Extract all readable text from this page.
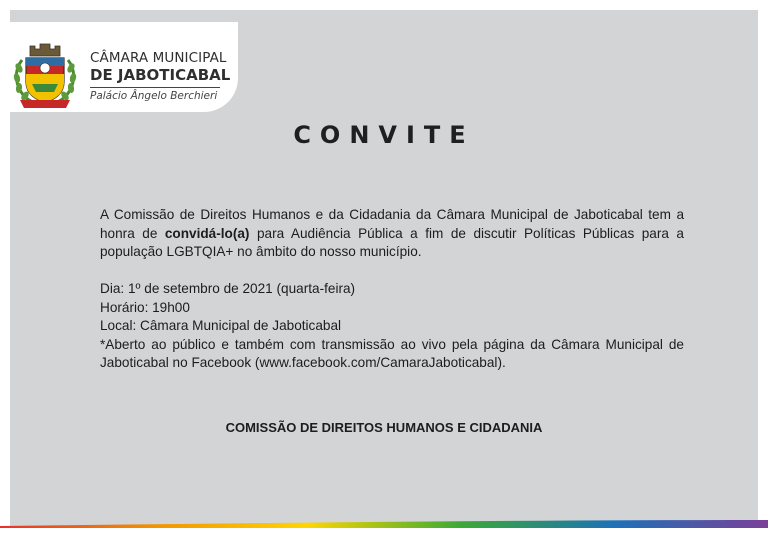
CÂMARA MUNICIPAL
DE JABOTICABAL
Palácio Ângelo Berchieri
CONVITE
A Comissão de Direitos Humanos e da Cidadania da Câmara Municipal de Jaboticabal tem a honra de convidá-lo(a) para Audiência Pública a fim de discutir Políticas Públicas para a população LGBTQIA+ no âmbito do nosso município.
Dia: 1º de setembro de 2021 (quarta-feira)
Horário: 19h00
Local: Câmara Municipal de Jaboticabal
*Aberto ao público e também com transmissão ao vivo pela página da Câmara Municipal de Jaboticabal no Facebook (www.facebook.com/CamaraJaboticabal).
COMISSÃO DE DIREITOS HUMANOS E CIDADANIA
